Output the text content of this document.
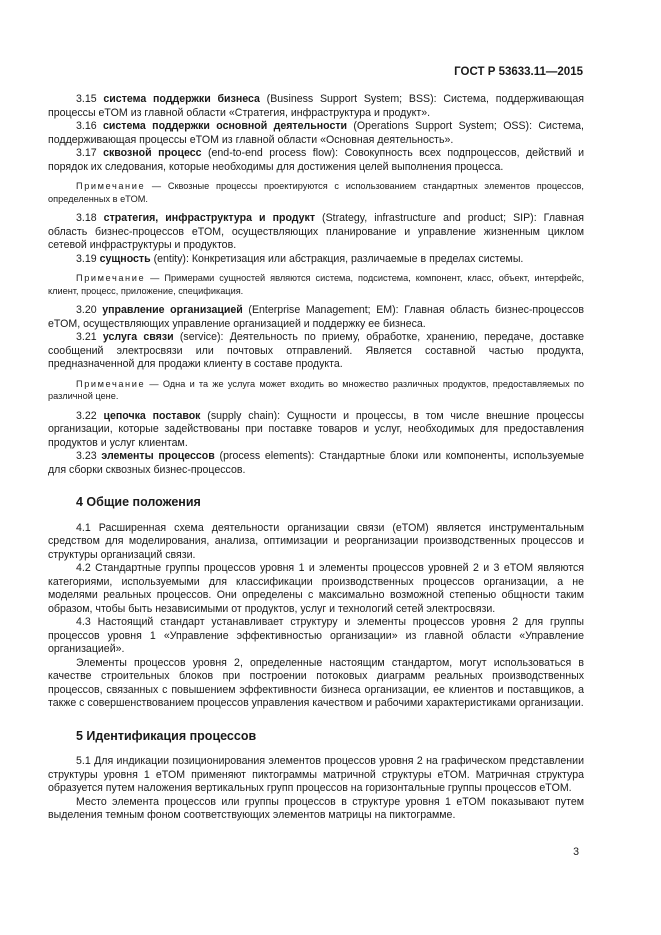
ГОСТ Р 53633.11—2015

3.15 система поддержки бизнеса (Business Support System; BSS): Система, поддерживающая процессы eTOM из главной области «Стратегия, инфраструктура и продукт».

3.16 система поддержки основной деятельности (Operations Support System; OSS): Система, поддерживающая процессы eTOM из главной области «Основная деятельность».

3.17 сквозной процесс (end-to-end process flow): Совокупность всех подпроцессов, действий и порядок их следования, которые необходимы для достижения целей выполнения процесса.

Примечание — Сквозные процессы проектируются с использованием стандартных элементов процессов, определенных в eTOM.

3.18 стратегия, инфраструктура и продукт (Strategy, infrastructure and product; SIP): Главная область бизнес-процессов eTOM, осуществляющих планирование и управление жизненным циклом сетевой инфраструктуры и продуктов.

3.19 сущность (entity): Конкретизация или абстракция, различаемые в пределах системы.

Примечание — Примерами сущностей являются система, подсистема, компонент, класс, объект, интерфейс, клиент, процесс, приложение, спецификация.

3.20 управление организацией (Enterprise Management; EM): Главная область бизнес-процессов eTOM, осуществляющих управление организацией и поддержку ее бизнеса.

3.21 услуга связи (service): Деятельность по приему, обработке, хранению, передаче, доставке сообщений электросвязи или почтовых отправлений. Является составной частью продукта, предназначенной для продажи клиенту в составе продукта.

Примечание — Одна и та же услуга может входить во множество различных продуктов, предоставляемых по различной цене.

3.22 цепочка поставок (supply chain): Сущности и процессы, в том числе внешние процессы организации, которые задействованы при поставке товаров и услуг, необходимых для предоставления продуктов и услуг клиентам.

3.23 элементы процессов (process elements): Стандартные блоки или компоненты, используемые для сборки сквозных бизнес-процессов.

4 Общие положения

4.1 Расширенная схема деятельности организации связи (eTOM) является инструментальным средством для моделирования, анализа, оптимизации и реорганизации производственных процессов и структуры организаций связи.

4.2 Стандартные группы процессов уровня 1 и элементы процессов уровней 2 и 3 eTOM являются категориями, используемыми для классификации производственных процессов организации, а не моделями реальных процессов. Они определены с максимально возможной степенью общности таким образом, чтобы быть независимыми от продуктов, услуг и технологий сетей электросвязи.

4.3 Настоящий стандарт устанавливает структуру и элементы процессов уровня 2 для группы процессов уровня 1 «Управление эффективностью организации» из главной области «Управление организацией».

Элементы процессов уровня 2, определенные настоящим стандартом, могут использоваться в качестве строительных блоков при построении потоковых диаграмм реальных производственных процессов, связанных с повышением эффективности бизнеса организации, ее клиентов и поставщиков, а также с совершенствованием процессов управления качеством и рабочими характеристиками организации.

5 Идентификация процессов

5.1 Для индикации позиционирования элементов процессов уровня 2 на графическом представлении структуры уровня 1 eTOM применяют пиктограммы матричной структуры eTOM. Матричная структура образуется путем наложения вертикальных групп процессов на горизонтальные группы процессов eTOM.

Место элемента процессов или группы процессов в структуре уровня 1 eTOM показывают путем выделения темным фоном соответствующих элементов матрицы на пиктограмме.

3
